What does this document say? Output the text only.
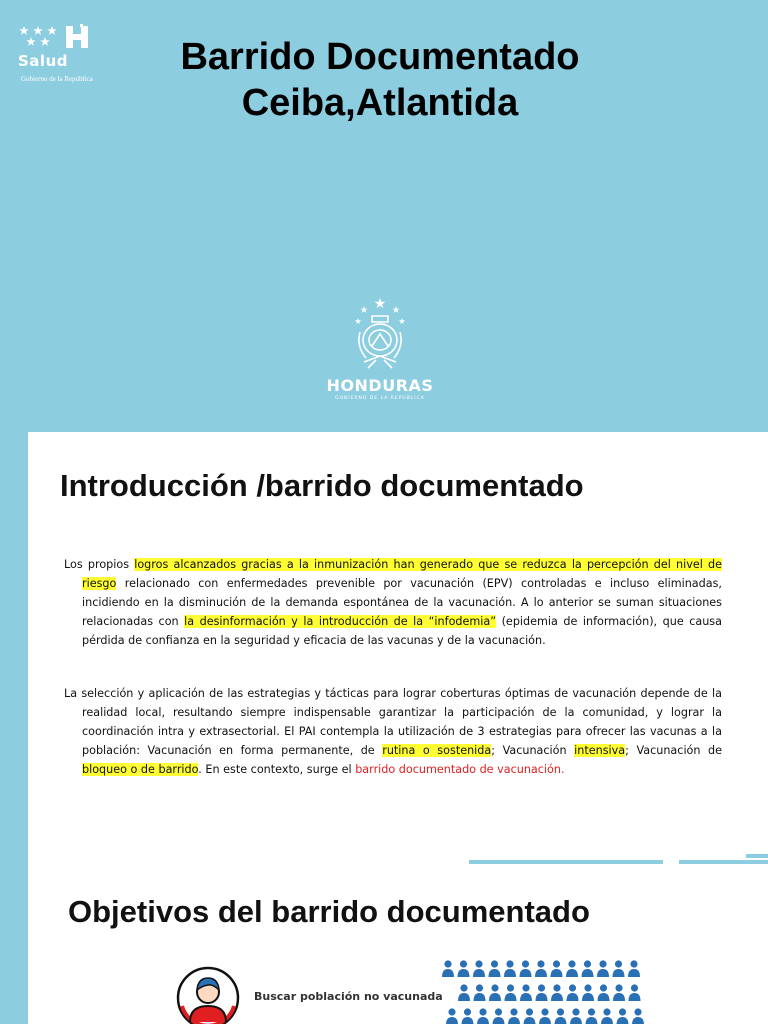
Salud
Gobierno de la República
Barrido Documentado
Ceiba,Atlantida
HONDURAS
GOBIERNO DE LA REPÚBLICA
Introducción /barrido documentado

Los propios logros alcanzados gracias a la inmunización han generado que se reduzca la percepción del nivel de riesgo relacionado con enfermedades prevenible por vacunación (EPV) controladas e incluso eliminadas, incidiendo en la disminución de la demanda espontánea de la vacunación. A lo anterior se suman situaciones relacionadas con la desinformación y la introducción de la “infodemia” (epidemia de información), que causa pérdida de confianza en la seguridad y eficacia de las vacunas y de la vacunación.

La selección y aplicación de las estrategias y tácticas para lograr coberturas óptimas de vacunación depende de la realidad local, resultando siempre indispensable garantizar la participación de la comunidad, y lograr la coordinación intra y extrasectorial. El PAI contempla la utilización de 3 estrategias para ofrecer las vacunas a la población: Vacunación en forma permanente, de rutina o sostenida; Vacunación intensiva; Vacunación de bloqueo o de barrido. En este contexto, surge el barrido documentado de vacunación.

Objetivos del barrido documentado
Buscar población no vacunada
